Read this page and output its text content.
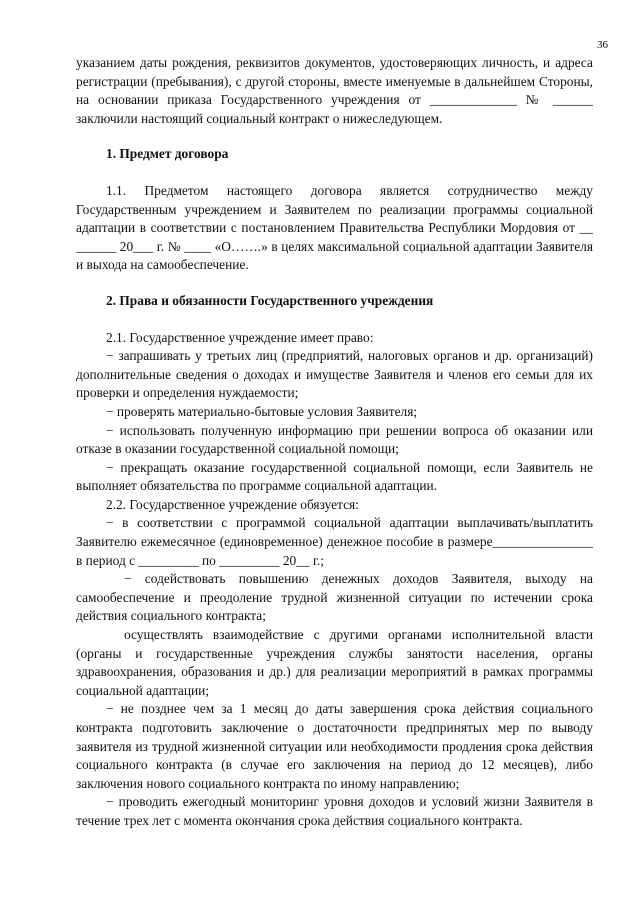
36

указанием даты рождения, реквизитов документов, удостоверяющих личность, и адреса регистрации (пребывания), с другой стороны, вместе именуемые в дальнейшем Стороны, на основании приказа Государственного учреждения от _____________ № ______ заключили настоящий социальный контракт о нижеследующем.

1. Предмет договора

1.1. Предметом настоящего договора является сотрудничество между Государственным учреждением и Заявителем по реализации программы социальной адаптации в соответствии с постановлением Правительства Республики Мордовия от __ ______ 20___ г. № ____ «О…….» в целях максимальной социальной адаптации Заявителя и выхода на самообеспечение.

2. Права и обязанности Государственного учреждения

2.1. Государственное учреждение имеет право:

− запрашивать у третьих лиц (предприятий, налоговых органов и др. организаций) дополнительные сведения о доходах и имуществе Заявителя и членов его семьи для их проверки и определения нуждаемости;

− проверять материально-бытовые условия Заявителя;

− использовать полученную информацию при решении вопроса об оказании или отказе в оказании государственной социальной помощи;

− прекращать оказание государственной социальной помощи, если Заявитель не выполняет обязательства по программе социальной адаптации.

2.2. Государственное учреждение обязуется:

− в соответствии с программой социальной адаптации выплачивать/выплатить Заявителю ежемесячное (единовременное) денежное пособие в размере_______________ в период с _________ по _________ 20__ г.;

− содействовать повышению денежных доходов Заявителя, выходу на самообеспечение и преодоление трудной жизненной ситуации по истечении срока действия социального контракта;

осуществлять взаимодействие с другими органами исполнительной власти (органы и государственные учреждения службы занятости населения, органы здравоохранения, образования и др.) для реализации мероприятий в рамках программы социальной адаптации;

− не позднее чем за 1 месяц до даты завершения срока действия социального контракта подготовить заключение о достаточности предпринятых мер по выводу заявителя из трудной жизненной ситуации или необходимости продления срока действия социального контракта (в случае его заключения на период до 12 месяцев), либо заключения нового социального контракта по иному направлению;

− проводить ежегодный мониторинг уровня доходов и условий жизни Заявителя в течение трех лет с момента окончания срока действия социального контракта.
